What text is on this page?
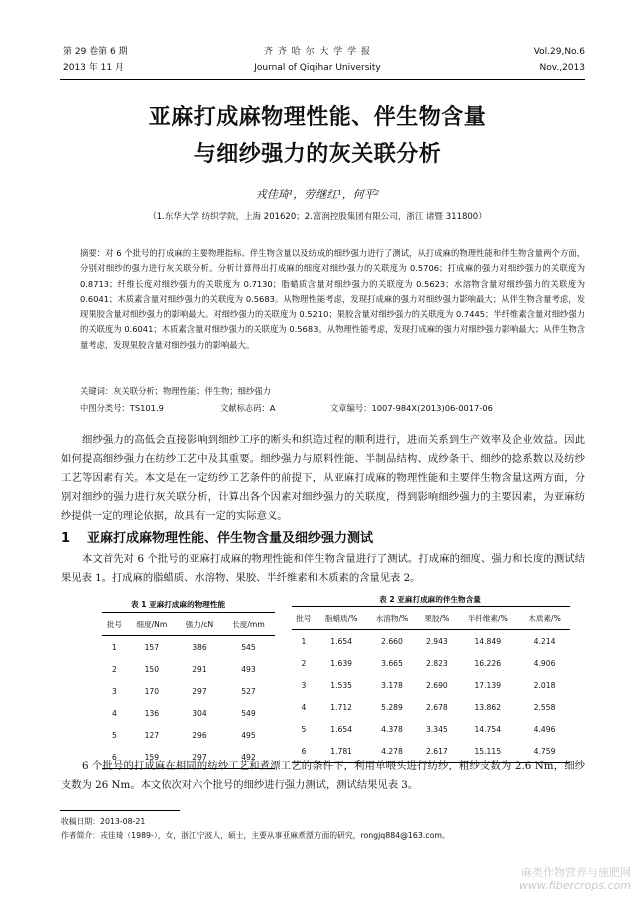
第 29 卷第 6 期
2013 年 11 月
齐 齐 哈 尔 大 学 学 报
Journal of Qiqihar University
Vol.29,No.6
Nov.,2013
亚麻打成麻物理性能、伴生物含量
与细纱强力的灰关联分析
戎佳琦¹，劳继红¹，何平²
（1.东华大学 纺织学院，上海 201620；2.富润控股集团有限公司，浙江 诸暨 311800）
摘要：对 6 个批号的打成麻的主要物理指标、伴生物含量以及纺成的细纱强力进行了测试，从打成麻的物理性能和伴生物含量两个方面，分别对细纱的强力进行灰关联分析。分析计算得出打成麻的细度对细纱强力的关联度为 0.5706；打成麻的强力对细纱强力的关联度为 0.8713；纤维长度对细纱强力的关联度为 0.7130；脂蜡质含量对细纱强力的关联度为 0.5623；水溶物含量对细纱强力的关联度为 0.6041；木质素含量对细纱强力的关联度为 0.5683。从物理性能考虑，发现打成麻的强力对细纱强力影响最大；从伴生物含量考虑，发现果胶含量对细纱强力的影响最大。对细纱强力的关联度为 0.5210；果胶含量对细纱强力的关联度为 0.7445；半纤维素含量对细纱强力的关联度为 0.6041；木质素含量对细纱强力的关联度为 0.5683。从物理性能考虑，发现打成麻的强力对细纱强力影响最大；从伴生物含量考虑，发现果胶含量对细纱强力的影响最大。
关键词：灰关联分析；物理性能；伴生物；细纱强力
中图分类号：TS101.9	文献标志码：A	文章编号：1007-984X(2013)06-0017-06
细纱强力的高低会直接影响到细纱工序的断头和织造过程的顺利进行，进而关系到生产效率及企业效益。因此如何提高细纱强力在纺纱工艺中及其重要。细纱强力与原料性能、半制品结构、成纱条干、细纱的捻系数以及纺纱工艺等因素有关。本文是在一定纺纱工艺条件的前提下，从亚麻打成麻的物理性能和主要伴生物含量这两方面，分别对细纱的强力进行灰关联分析，计算出各个因素对细纱强力的关联度，得到影响细纱强力的主要因素，为亚麻纺纱提供一定的理论依据，故具有一定的实际意义。
1 亚麻打成麻物理性能、伴生物含量及细纱强力测试
本文首先对 6 个批号的亚麻打成麻的物理性能和伴生物含量进行了测试。打成麻的细度、强力和长度的测试结果见表 1。打成麻的脂蜡质、水溶物、果胶、半纤维素和木质素的含量见表 2。
表 1 亚麻打成麻的物理性能
批号	细度/Nm	强力/cN	长度/mm
1	157	386	545
2	150	291	493
3	170	297	527
4	136	304	549
5	127	296	495
6	159	297	492
表 2 亚麻打成麻的伴生物含量
批号	脂蜡质/%	水溶物/%	果胶/%	半纤维素/%	木质素/%
1	1.654	2.660	2.943	14.849	4.214
2	1.639	3.665	2.823	16.226	4.906
3	1.535	3.178	2.690	17.139	2.018
4	1.712	5.289	2.678	13.862	2.558
5	1.654	4.378	3.345	14.754	4.496
6	1.781	4.278	2.617	15.115	4.759
6 个批号的打成麻在相同的纺纱工艺和煮漂工艺的条件下，利用单喂头进行纺纱，粗纱支数为 2.6 Nm，细纱支数为 26 Nm。本文依次对六个批号的细纱进行强力测试，测试结果见表 3。
收稿日期：2013-08-21
作者简介：戎佳琦（1989-），女，浙江宁波人，硕士，主要从事亚麻煮漂方面的研究，rongjq884@163.com。
麻类作物营养与施肥网
www.fibercrops.com
